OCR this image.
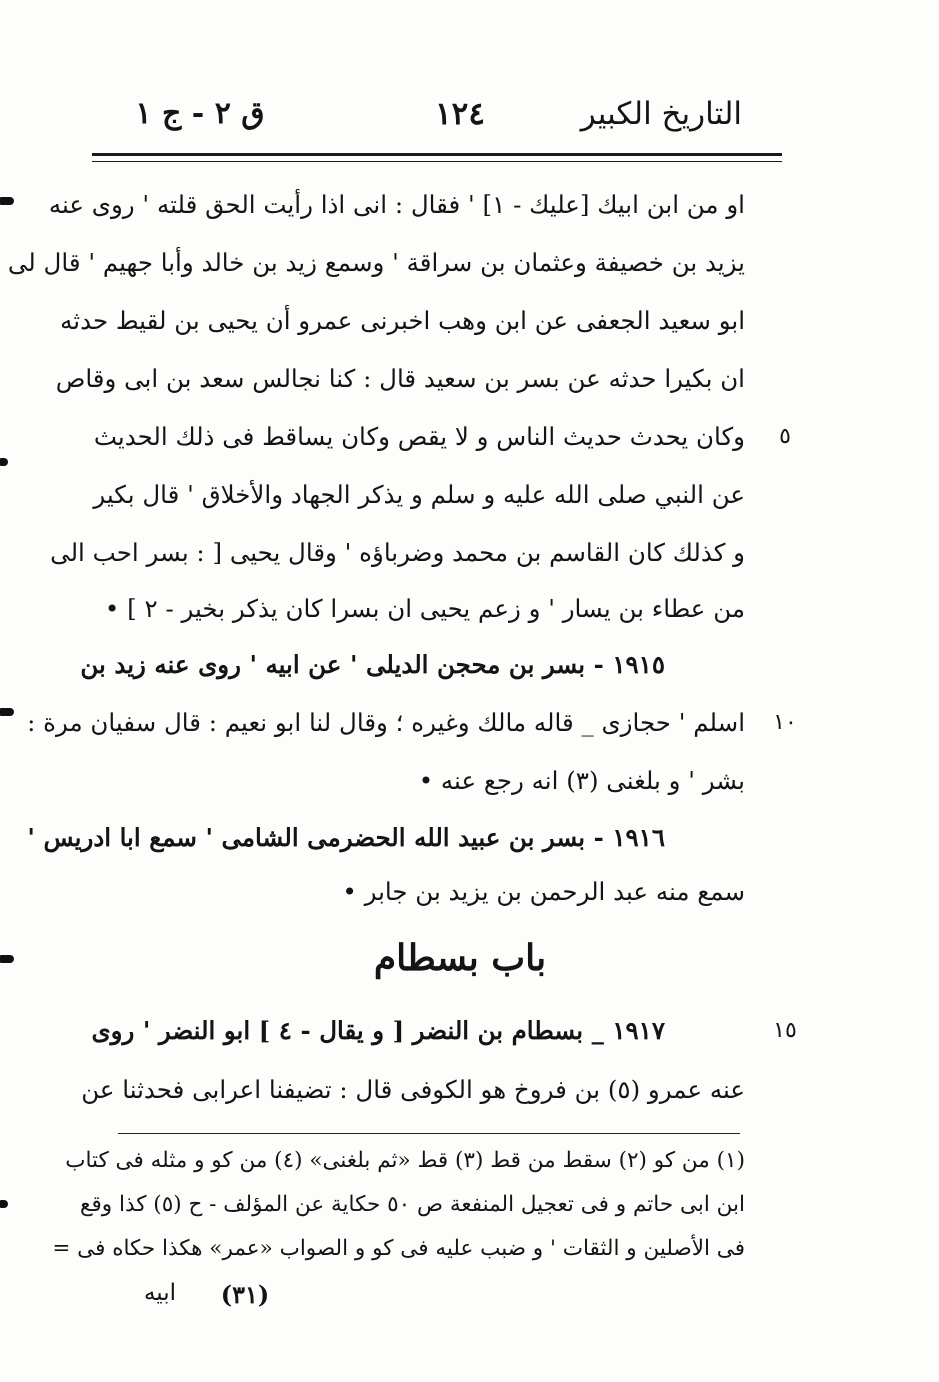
التاريخ الكبير
١٢٤
ق ٢ - ج ١
او من ابن ابيك [عليك - ١] ' فقال : انى اذا رأيت الحق قلته ' روى عنه
يزيد بن خصيفة وعثمان بن سراقة ' وسمع زيد بن خالد وأبا جهيم ' قال لى
ابو سعيد الجعفى عن ابن وهب اخبرنى عمرو أن يحيى بن لقيط حدثه
ان بكيرا حدثه عن بسر بن سعيد قال : كنا نجالس سعد بن ابى وقاص
وكان يحدث حديث الناس و لا يقص وكان يساقط فى ذلك الحديث
عن النبي صلى الله عليه و سلم و يذكر الجهاد والأخلاق ' قال بكير
و كذلك كان القاسم بن محمد وضرباؤه ' وقال يحيى [ : بسر احب الى
من عطاء بن يسار ' و زعم يحيى ان بسرا كان يذكر بخير - ٢ ] •
١٩١٥ - بسر بن محجن الديلى ' عن ابيه ' روى عنه زيد بن
اسلم ' حجازى _ قاله مالك وغيره ؛ وقال لنا ابو نعيم : قال سفيان مرة :
بشر ' و بلغنى (٣) انه رجع عنه •
١٩١٦ - بسر بن عبيد الله الحضرمى الشامى ' سمع ابا ادريس '
سمع منه عبد الرحمن بن يزيد بن جابر •
باب بسطام
١٩١٧ _ بسطام بن النضر [ و يقال - ٤ ] ابو النضر ' روى
عنه عمرو (٥) بن فروخ هو الكوفى قال : تضيفنا اعرابى فحدثنا عن
٥
١٠
١٥
(١) من كو (٢) سقط من قط (٣) قط «ثم بلغنى» (٤) من كو و مثله فى كتاب
ابن ابى حاتم و فى تعجيل المنفعة ص ٥٠ حكاية عن المؤلف - ح (٥) كذا وقع
فى الأصلين و الثقات ' و ضبب عليه فى كو و الصواب «عمر» هكذا حكاه فى =
(٣١)
ابيه
